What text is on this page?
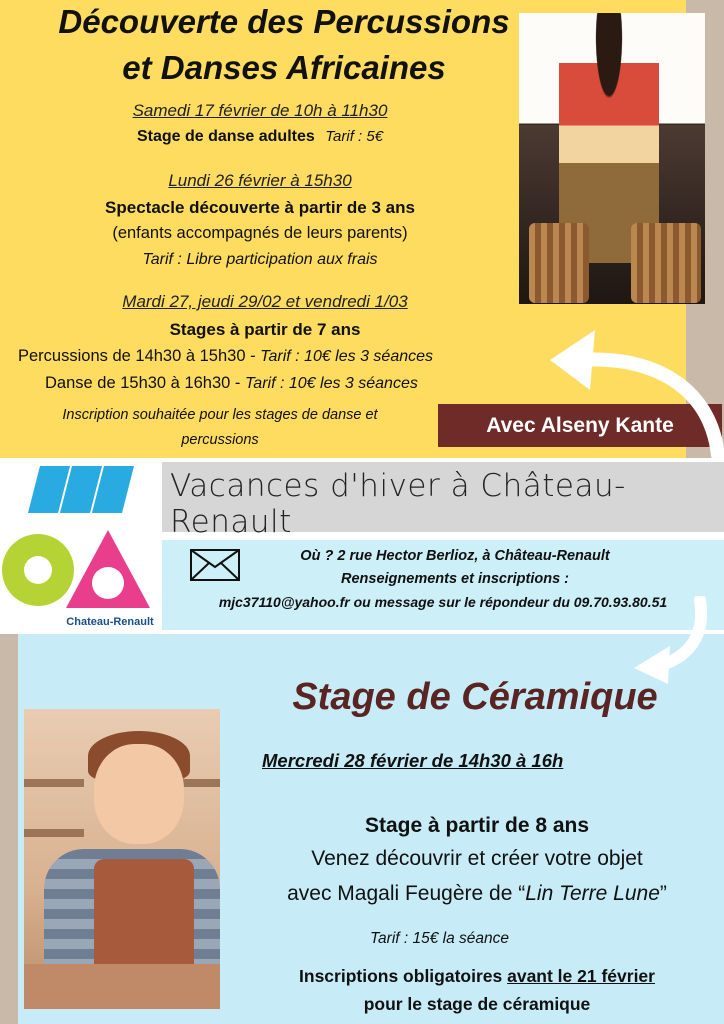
Découverte des Percussions
et Danses Africaines
Samedi 17 février de 10h à 11h30
Stage de danse adultes Tarif : 5€
Lundi 26 février à 15h30
Spectacle découverte à partir de 3 ans
(enfants accompagnés de leurs parents)
Tarif : Libre participation aux frais
Mardi 27, jeudi 29/02 et vendredi 1/03
Stages à partir de 7 ans
Percussions de 14h30 à 15h30 - Tarif : 10€ les 3 séances
Danse de 15h30 à 16h30 - Tarif : 10€ les 3 séances
Inscription souhaitée pour les stages de danse et
percussions
Avec Alseny Kante
Vacances d'hiver à Château-Renault
Chateau-Renault
Où ? 2 rue Hector Berlioz, à Château-Renault
Renseignements et inscriptions :
mjc37110@yahoo.fr ou message sur le répondeur du 09.70.93.80.51
Stage de Céramique
Mercredi 28 février de 14h30 à 16h
Stage à partir de 8 ans
Venez découvrir et créer votre objet
avec Magali Feugère de “Lin Terre Lune”
Tarif : 15€ la séance
Inscriptions obligatoires avant le 21 février
pour le stage de céramique
